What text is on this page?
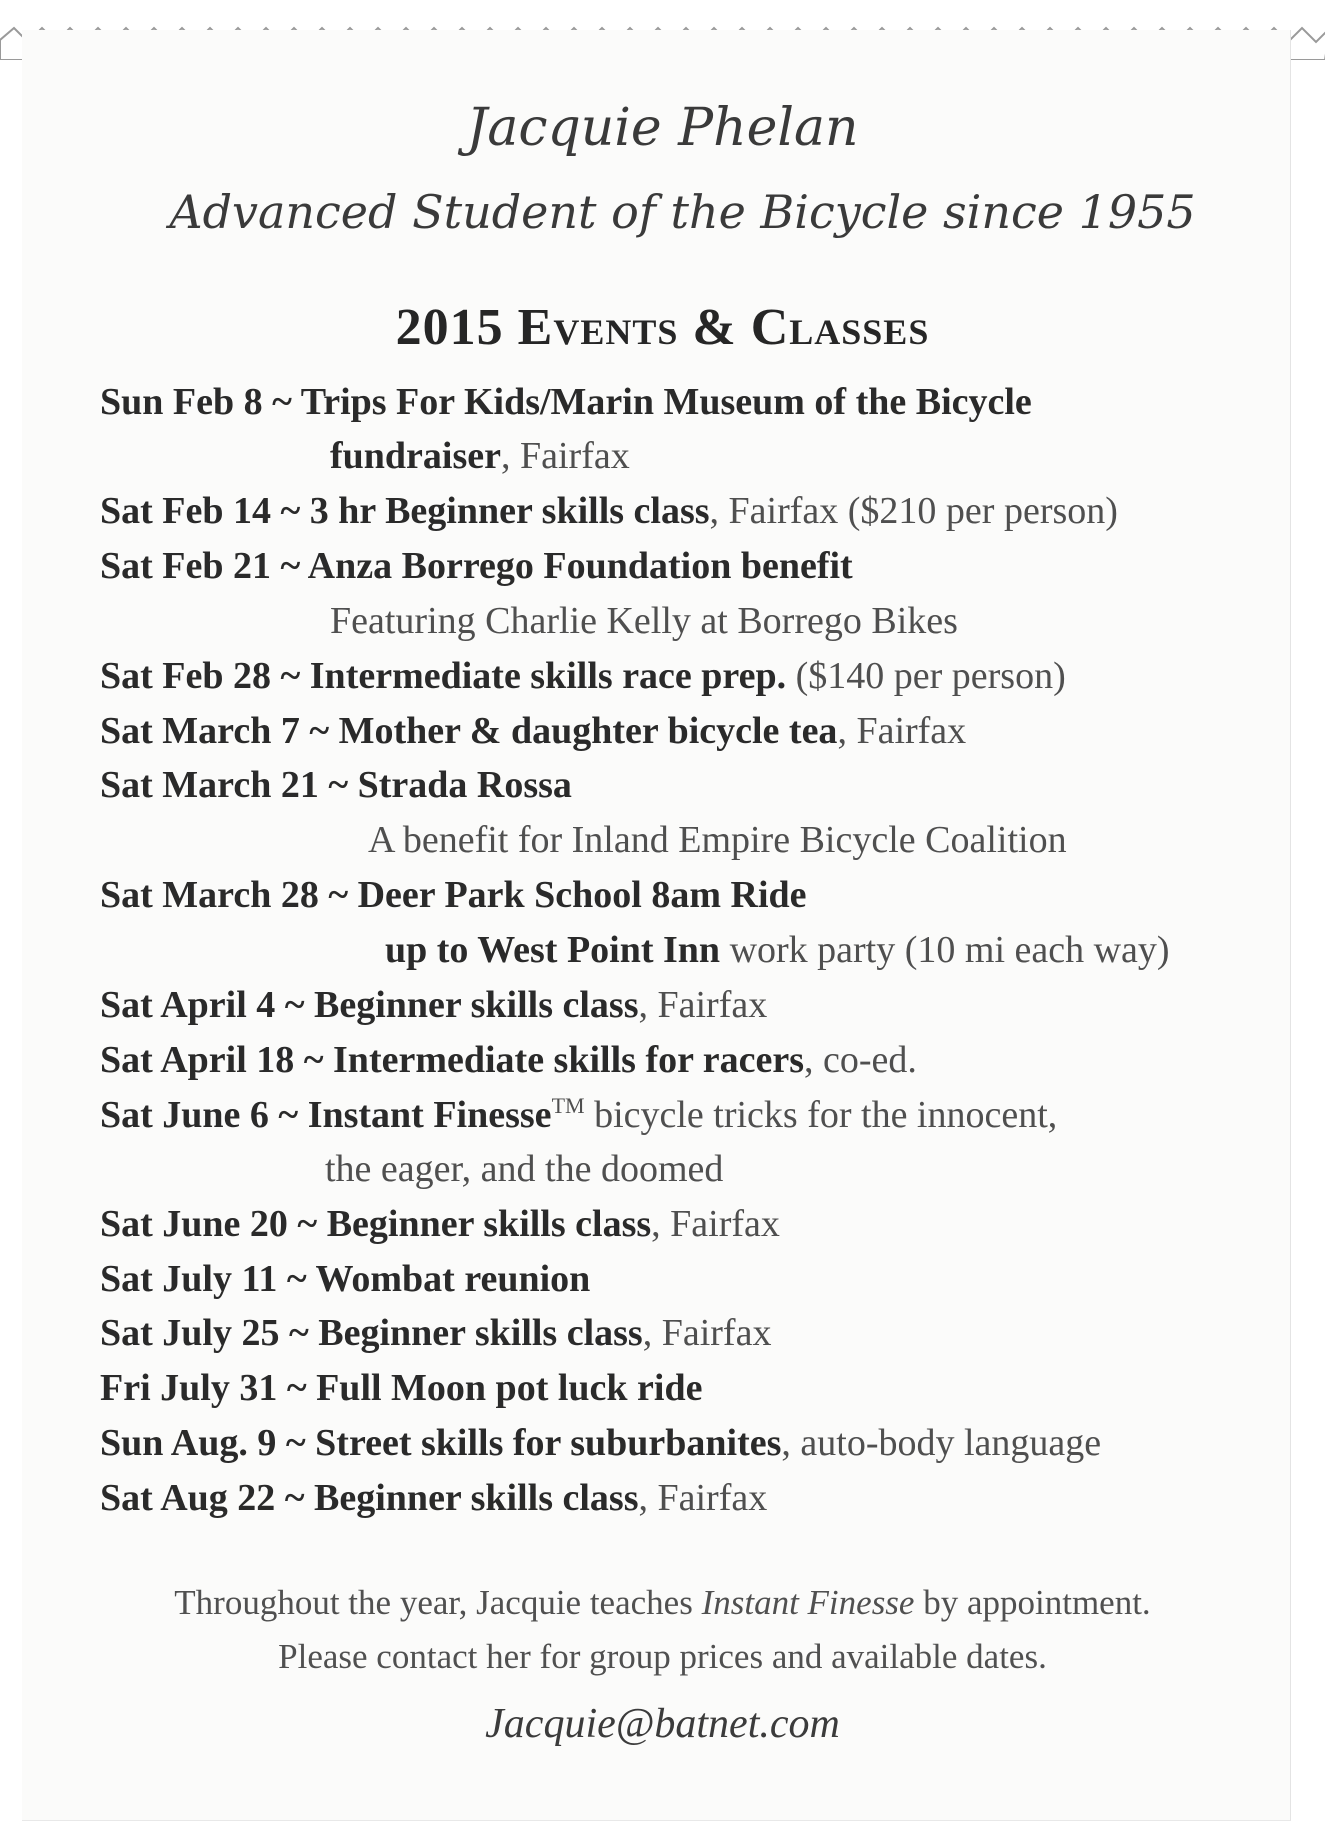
Jacquie Phelan
Advanced Student of the Bicycle since 1955
2015 Events & Classes
Sun Feb 8 ~ Trips For Kids/Marin Museum of the Bicycle
fundraiser, Fairfax
Sat Feb 14 ~ 3 hr Beginner skills class, Fairfax ($210 per person)
Sat Feb 21 ~ Anza Borrego Foundation benefit
Featuring Charlie Kelly at Borrego Bikes
Sat Feb 28 ~ Intermediate skills race prep. ($140 per person)
Sat March 7 ~ Mother & daughter bicycle tea, Fairfax
Sat March 21 ~ Strada Rossa
A benefit for Inland Empire Bicycle Coalition
Sat March 28 ~ Deer Park School 8am Ride
up to West Point Inn work party (10 mi each way)
Sat April 4 ~ Beginner skills class, Fairfax
Sat April 18 ~ Intermediate skills for racers, co-ed.
Sat June 6 ~ Instant Finesse™ bicycle tricks for the innocent,
the eager, and the doomed
Sat June 20 ~ Beginner skills class, Fairfax
Sat July 11 ~ Wombat reunion
Sat July 25 ~ Beginner skills class, Fairfax
Fri July 31 ~ Full Moon pot luck ride
Sun Aug. 9 ~ Street skills for suburbanites, auto-body language
Sat Aug 22 ~ Beginner skills class, Fairfax
Throughout the year, Jacquie teaches Instant Finesse by appointment.
Please contact her for group prices and available dates.
Jacquie@batnet.com
